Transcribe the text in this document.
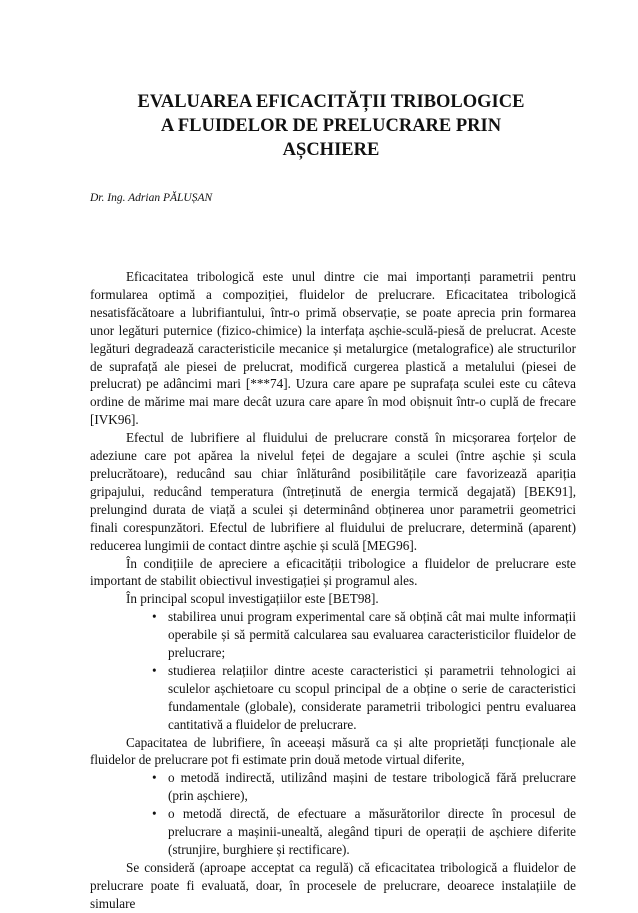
EVALUAREA EFICACITĂȚII TRIBOLOGICE
A FLUIDELOR DE PRELUCRARE PRIN
AȘCHIERE
Dr. Ing. Adrian PĂLUȘAN

Eficacitatea tribologică este unul dintre cie mai importanți parametrii pentru formularea optimă a compoziției, fluidelor de prelucrare. Eficacitatea tribologică nesatisfăcătoare a lubrifiantului, într-o primă observație, se poate aprecia prin formarea unor legături puternice (fizico-chimice) la interfața așchie-sculă-piesă de prelucrat. Aceste legături degradează caracteristicile mecanice și metalurgice (metalografice) ale structurilor de suprafață ale piesei de prelucrat, modifică curgerea plastică a metalului (piesei de prelucrat) pe adâncimi mari [***74]. Uzura care apare pe suprafața sculei este cu câteva ordine de mărime mai mare decât uzura care apare în mod obișnuit într-o cuplă de frecare [IVK96].

Efectul de lubrifiere al fluidului de prelucrare constă în micșorarea forțelor de adeziune care pot apărea la nivelul feței de degajare a sculei (între așchie și scula prelucrătoare), reducând sau chiar înlăturând posibilitățile care favorizează apariția gripajului, reducând temperatura (întreținută de energia termică degajată) [BEK91], prelungind durata de viață a sculei și determinând obținerea unor parametrii geometrici finali corespunzători. Efectul de lubrifiere al fluidului de prelucrare, determină (aparent) reducerea lungimii de contact dintre așchie și sculă [MEG96].

În condițiile de apreciere a eficacității tribologice a fluidelor de prelucrare este important de stabilit obiectivul investigației și programul ales.

În principal scopul investigațiilor este [BET98].

• stabilirea unui program experimental care să obțină cât mai multe informații operabile și să permită calcularea sau evaluarea caracteristicilor fluidelor de prelucrare;
• studierea relațiilor dintre aceste caracteristici și parametrii tehnologici ai sculelor așchietoare cu scopul principal de a obține o serie de caracteristici fundamentale (globale), considerate parametrii tribologici pentru evaluarea cantitativă a fluidelor de prelucrare.

Capacitatea de lubrifiere, în aceeași măsură ca și alte proprietăți funcționale ale fluidelor de prelucrare pot fi estimate prin două metode virtual diferite,

• o metodă indirectă, utilizând mașini de testare tribologică fără prelucrare (prin așchiere),
• o metodă directă, de efectuare a măsurătorilor directe în procesul de prelucrare a mașinii-unealtă, alegând tipuri de operații de așchiere diferite (strunjire, burghiere și rectificare).

Se consideră (aproape acceptat ca regulă) că eficacitatea tribologică a fluidelor de prelucrare poate fi evaluată, doar, în procesele de prelucrare, deoarece instalațiile de simulare
